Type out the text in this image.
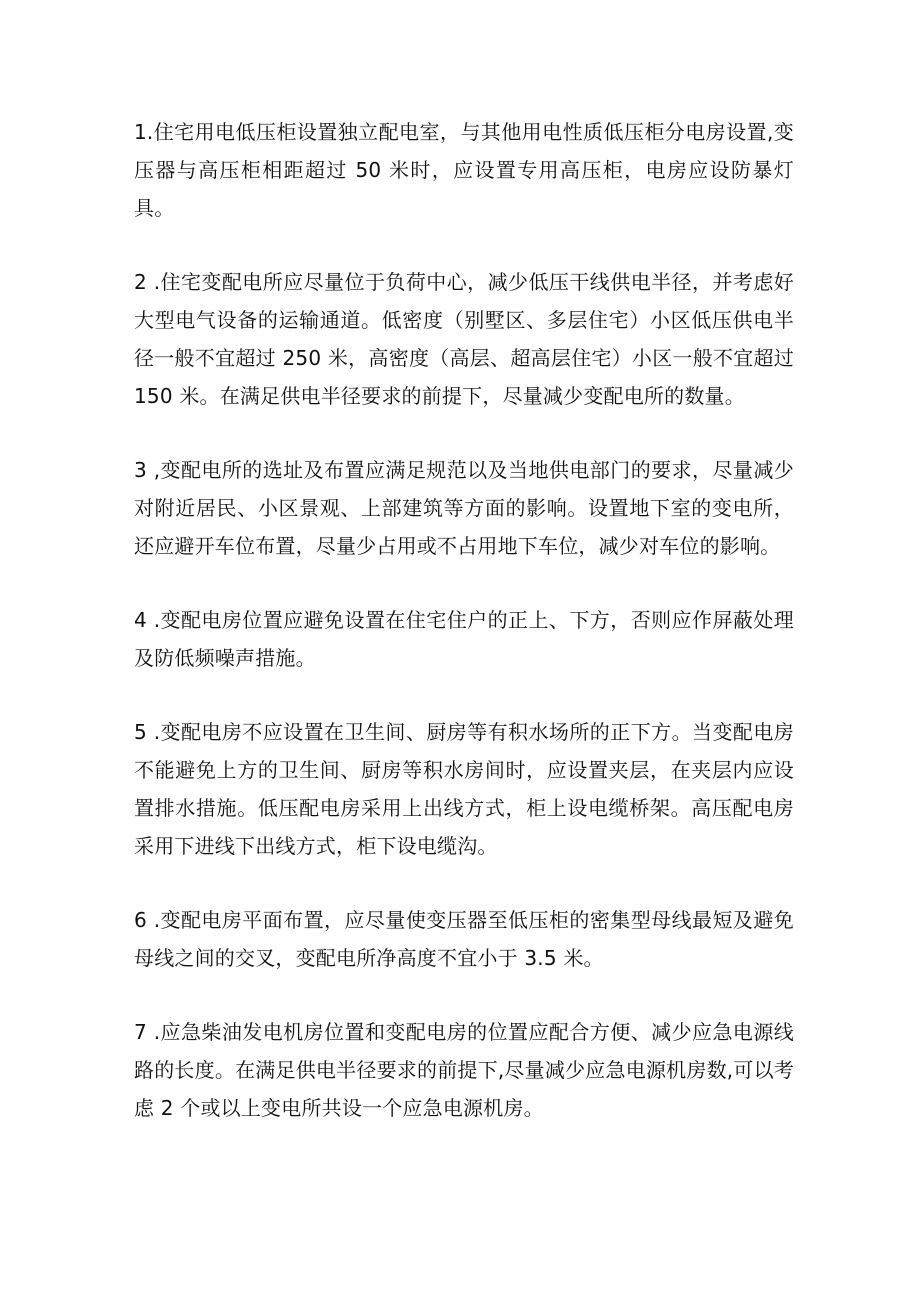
1.住宅用电低压柜设置独立配电室，与其他用电性质低压柜分电房设置,变压器与高压柜相距超过 50 米时，应设置专用高压柜，电房应设防暴灯具。

2 .住宅变配电所应尽量位于负荷中心，减少低压干线供电半径，并考虑好大型电气设备的运输通道。低密度（别墅区、多层住宅）小区低压供电半径一般不宜超过 250 米，高密度（高层、超高层住宅）小区一般不宜超过 150 米。在满足供电半径要求的前提下，尽量减少变配电所的数量。

3 ,变配电所的选址及布置应满足规范以及当地供电部门的要求，尽量减少对附近居民、小区景观、上部建筑等方面的影响。设置地下室的变电所，还应避开车位布置，尽量少占用或不占用地下车位，减少对车位的影响。

4 .变配电房位置应避免设置在住宅住户的正上、下方，否则应作屏蔽处理及防低频噪声措施。

5 .变配电房不应设置在卫生间、厨房等有积水场所的正下方。当变配电房不能避免上方的卫生间、厨房等积水房间时，应设置夹层，在夹层内应设置排水措施。低压配电房采用上出线方式，柜上设电缆桥架。高压配电房采用下进线下出线方式，柜下设电缆沟。

6 .变配电房平面布置，应尽量使变压器至低压柜的密集型母线最短及避免母线之间的交叉，变配电所净高度不宜小于 3.5 米。

7 .应急柴油发电机房位置和变配电房的位置应配合方便、减少应急电源线路的长度。在满足供电半径要求的前提下,尽量减少应急电源机房数,可以考虑 2 个或以上变电所共设一个应急电源机房。
